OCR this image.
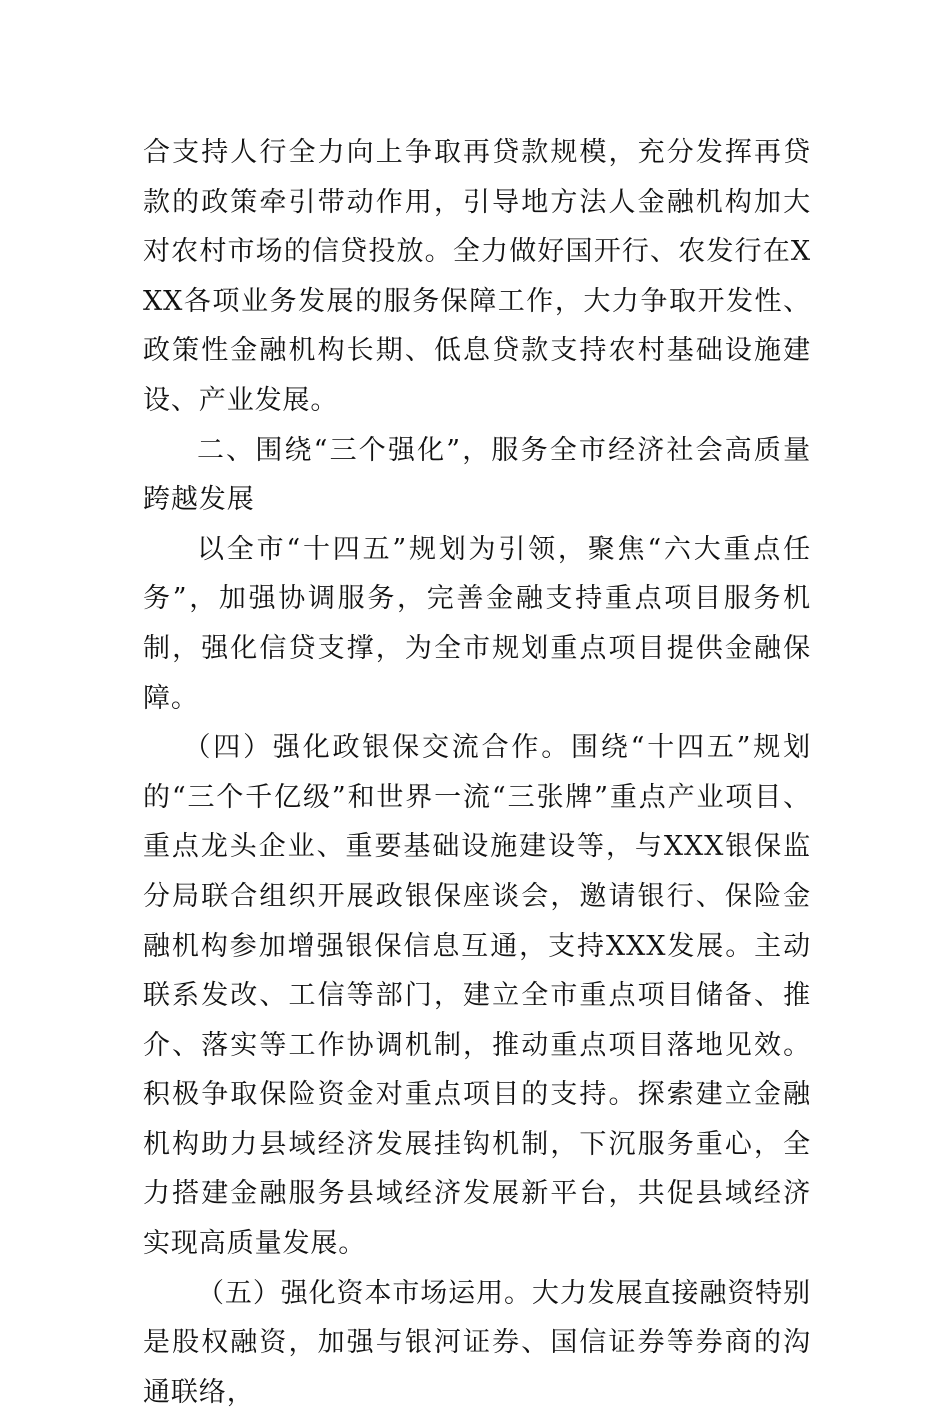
合支持人行全力向上争取再贷款规模，充分发挥再贷款的政策牵引带动作用，引导地方法人金融机构加大对农村市场的信贷投放。全力做好国开行、农发行在XXX各项业务发展的服务保障工作，大力争取开发性、政策性金融机构长期、低息贷款支持农村基础设施建设、产业发展。

二、围绕“三个强化”，服务全市经济社会高质量跨越发展

以全市“十四五”规划为引领，聚焦“六大重点任务”，加强协调服务，完善金融支持重点项目服务机制，强化信贷支撑，为全市规划重点项目提供金融保障。

（四）强化政银保交流合作。围绕“十四五”规划的“三个千亿级”和世界一流“三张牌”重点产业项目、重点龙头企业、重要基础设施建设等，与XXX银保监分局联合组织开展政银保座谈会，邀请银行、保险金融机构参加增强银保信息互通，支持XXX发展。主动联系发改、工信等部门，建立全市重点项目储备、推介、落实等工作协调机制，推动重点项目落地见效。积极争取保险资金对重点项目的支持。探索建立金融机构助力县域经济发展挂钩机制，下沉服务重心，全力搭建金融服务县域经济发展新平台，共促县域经济实现高质量发展。

（五）强化资本市场运用。大力发展直接融资特别是股权融资，加强与银河证券、国信证券等券商的沟通联络，
